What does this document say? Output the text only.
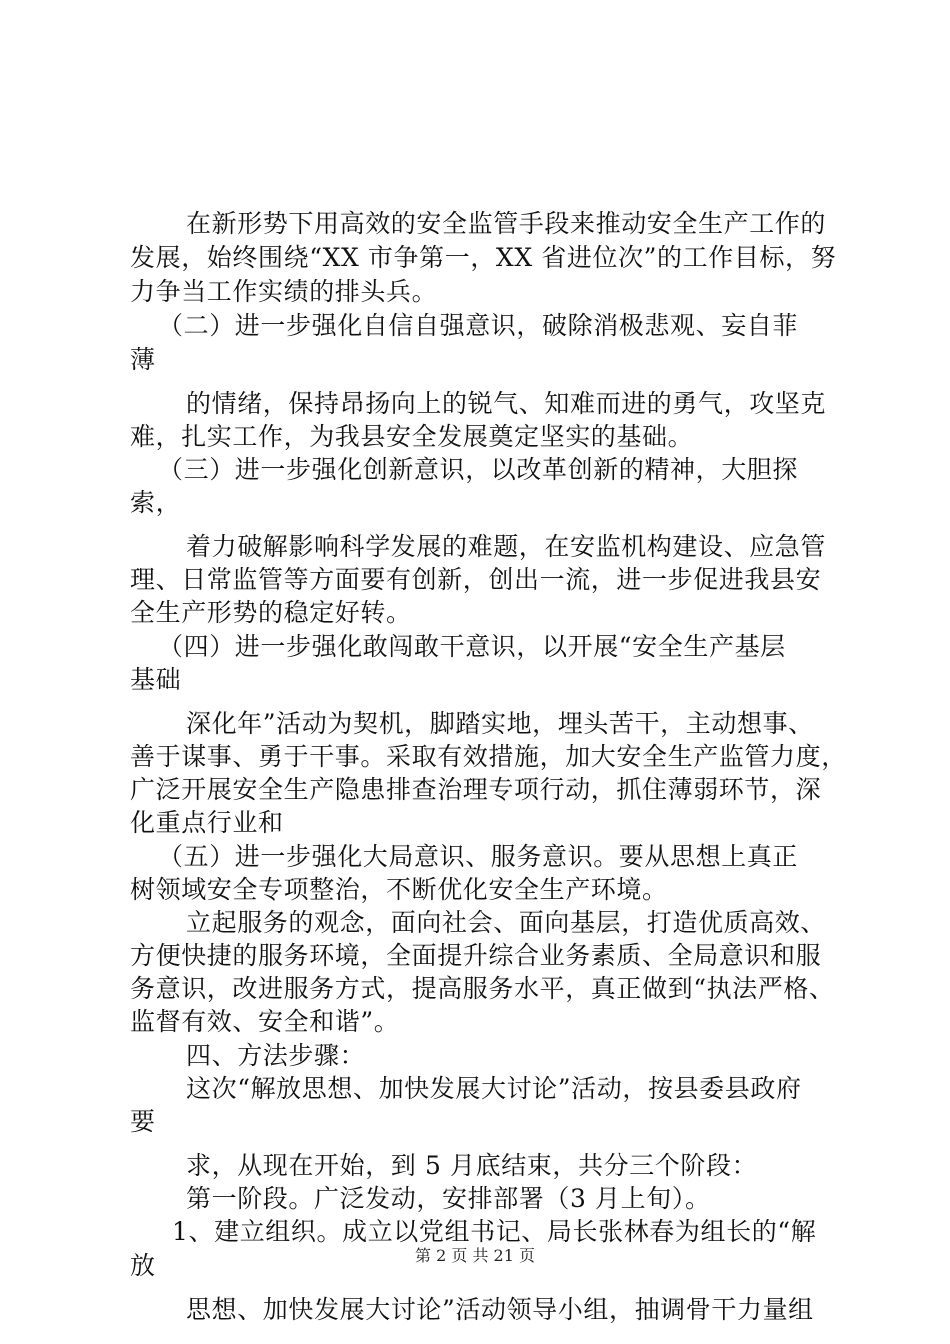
在新形势下用高效的安全监管手段来推动安全生产工作的
发展，始终围绕“XX 市争第一，XX 省进位次”的工作目标，努
力争当工作实绩的排头兵。
（二）进一步强化自信自强意识，破除消极悲观、妄自菲
薄
的情绪，保持昂扬向上的锐气、知难而进的勇气，攻坚克
难，扎实工作，为我县安全发展奠定坚实的基础。
（三）进一步强化创新意识，以改革创新的精神，大胆探
索，
着力破解影响科学发展的难题，在安监机构建设、应急管
理、日常监管等方面要有创新，创出一流，进一步促进我县安
全生产形势的稳定好转。
（四）进一步强化敢闯敢干意识，以开展“安全生产基层
基础
深化年”活动为契机，脚踏实地，埋头苦干，主动想事、
善于谋事、勇于干事。采取有效措施，加大安全生产监管力度，
广泛开展安全生产隐患排查治理专项行动，抓住薄弱环节，深
化重点行业和
（五）进一步强化大局意识、服务意识。要从思想上真正
树领域安全专项整治，不断优化安全生产环境。
立起服务的观念，面向社会、面向基层，打造优质高效、
方便快捷的服务环境，全面提升综合业务素质、全局意识和服
务意识，改进服务方式，提高服务水平，真正做到“执法严格、
监督有效、安全和谐”。
四、方法步骤：
这次“解放思想、加快发展大讨论”活动，按县委县政府
要
求，从现在开始，到 5 月底结束，共分三个阶段：
第一阶段。广泛发动，安排部署（3 月上旬）。
1、建立组织。成立以党组书记、局长张林春为组长的“解
放
思想、加快发展大讨论”活动领导小组，抽调骨干力量组
第 2 页 共 21 页
